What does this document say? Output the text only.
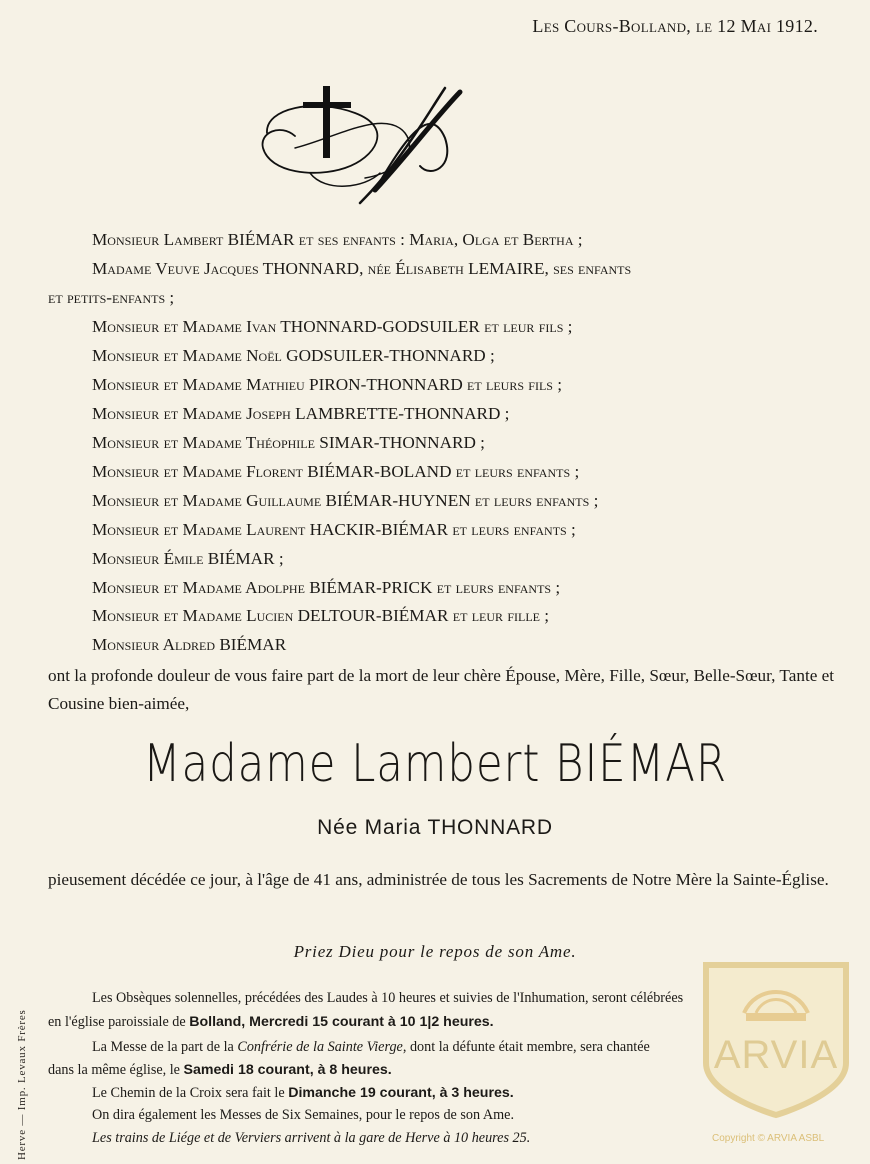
Les Cours-Bolland, le 12 Mai 1912.
Monsieur Lambert BIÉMAR et ses enfants : Maria, Olga et Bertha ;
Madame Veuve Jacques THONNARD, née Élisabeth LEMAIRE, ses enfants
et petits-enfants ;
Monsieur et Madame Ivan THONNARD-GODSUILER et leur fils ;
Monsieur et Madame Noël GODSUILER-THONNARD ;
Monsieur et Madame Mathieu PIRON-THONNARD et leurs fils ;
Monsieur et Madame Joseph LAMBRETTE-THONNARD ;
Monsieur et Madame Théophile SIMAR-THONNARD ;
Monsieur et Madame Florent BIÉMAR-BOLAND et leurs enfants ;
Monsieur et Madame Guillaume BIÉMAR-HUYNEN et leurs enfants ;
Monsieur et Madame Laurent HACKIR-BIÉMAR et leurs enfants ;
Monsieur Émile BIÉMAR ;
Monsieur et Madame Adolphe BIÉMAR-PRICK et leurs enfants ;
Monsieur et Madame Lucien DELTOUR-BIÉMAR et leur fille ;
Monsieur Aldred BIÉMAR
ont la profonde douleur de vous faire part de la mort de leur chère Épouse, Mère, Fille, Sœur, Belle-Sœur, Tante et Cousine bien-aimée,
Madame Lambert BIÉMAR
Née Maria THONNARD
pieusement décédée ce jour, à l'âge de 41 ans, administrée de tous les Sacrements de Notre Mère la Sainte-Église.
Priez Dieu pour le repos de son Ame.
Les Obsèques solennelles, précédées des Laudes à 10 heures et suivies de l'Inhumation, seront célébrées
en l'église paroissiale de Bolland, Mercredi 15 courant à 10 1|2 heures.
La Messe de la part de la Confrérie de la Sainte Vierge, dont la défunte était membre, sera chantée
dans la même église, le Samedi 18 courant, à 8 heures.
Le Chemin de la Croix sera fait le Dimanche 19 courant, à 3 heures.
On dira également les Messes de Six Semaines, pour le repos de son Ame.
Les trains de Liége et de Verviers arrivent à la gare de Herve à 10 heures 25.
Herve — Imp. Levaux Frères	ARVIA
Copyright © ARVIA ASBL
